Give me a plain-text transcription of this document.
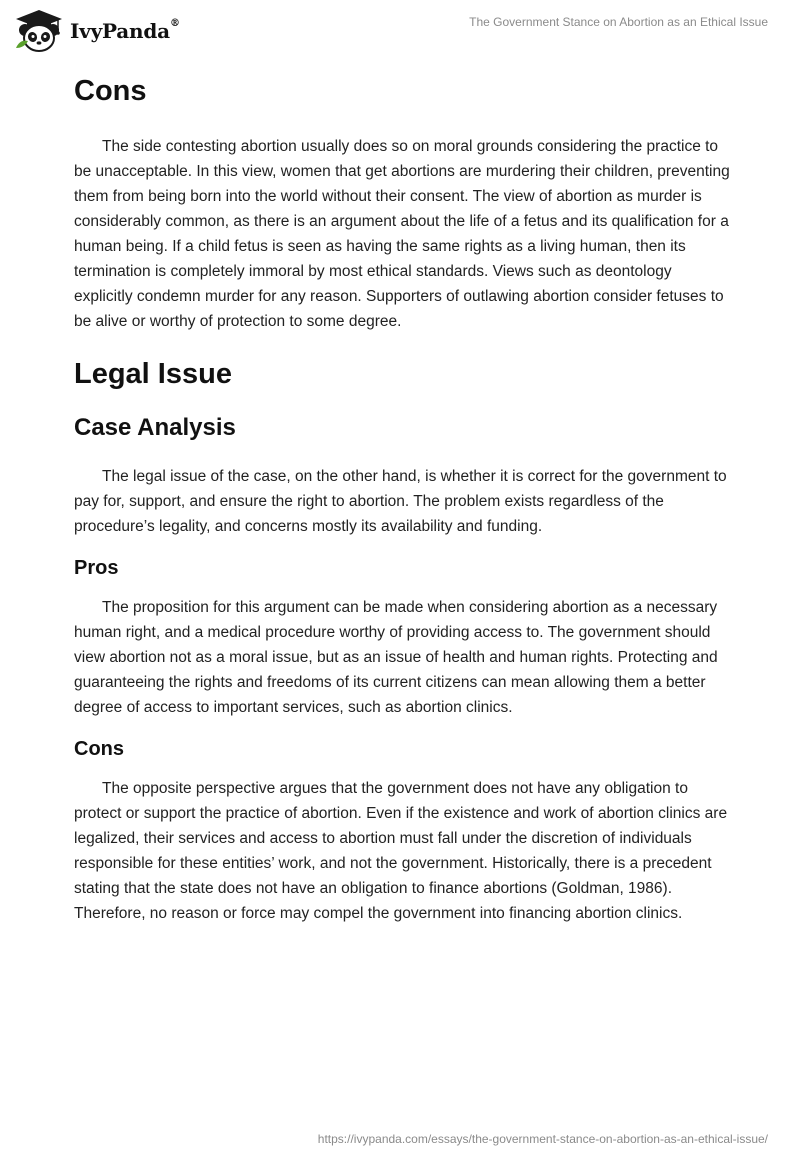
IvyPanda®	The Government Stance on Abortion as an Ethical Issue
Cons

The side contesting abortion usually does so on moral grounds considering the practice to be unacceptable. In this view, women that get abortions are murdering their children, preventing them from being born into the world without their consent. The view of abortion as murder is considerably common, as there is an argument about the life of a fetus and its qualification for a human being. If a child fetus is seen as having the same rights as a living human, then its termination is completely immoral by most ethical standards. Views such as deontology explicitly condemn murder for any reason. Supporters of outlawing abortion consider fetuses to be alive or worthy of protection to some degree.

Legal Issue
Case Analysis

The legal issue of the case, on the other hand, is whether it is correct for the government to pay for, support, and ensure the right to abortion. The problem exists regardless of the procedure’s legality, and concerns mostly its availability and funding.

Pros

The proposition for this argument can be made when considering abortion as a necessary human right, and a medical procedure worthy of providing access to. The government should view abortion not as a moral issue, but as an issue of health and human rights. Protecting and guaranteeing the rights and freedoms of its current citizens can mean allowing them a better degree of access to important services, such as abortion clinics.

Cons

The opposite perspective argues that the government does not have any obligation to protect or support the practice of abortion. Even if the existence and work of abortion clinics are legalized, their services and access to abortion must fall under the discretion of individuals responsible for these entities’ work, and not the government. Historically, there is a precedent stating that the state does not have an obligation to finance abortions (Goldman, 1986). Therefore, no reason or force may compel the government into financing abortion clinics.

https://ivypanda.com/essays/the-government-stance-on-abortion-as-an-ethical-issue/
